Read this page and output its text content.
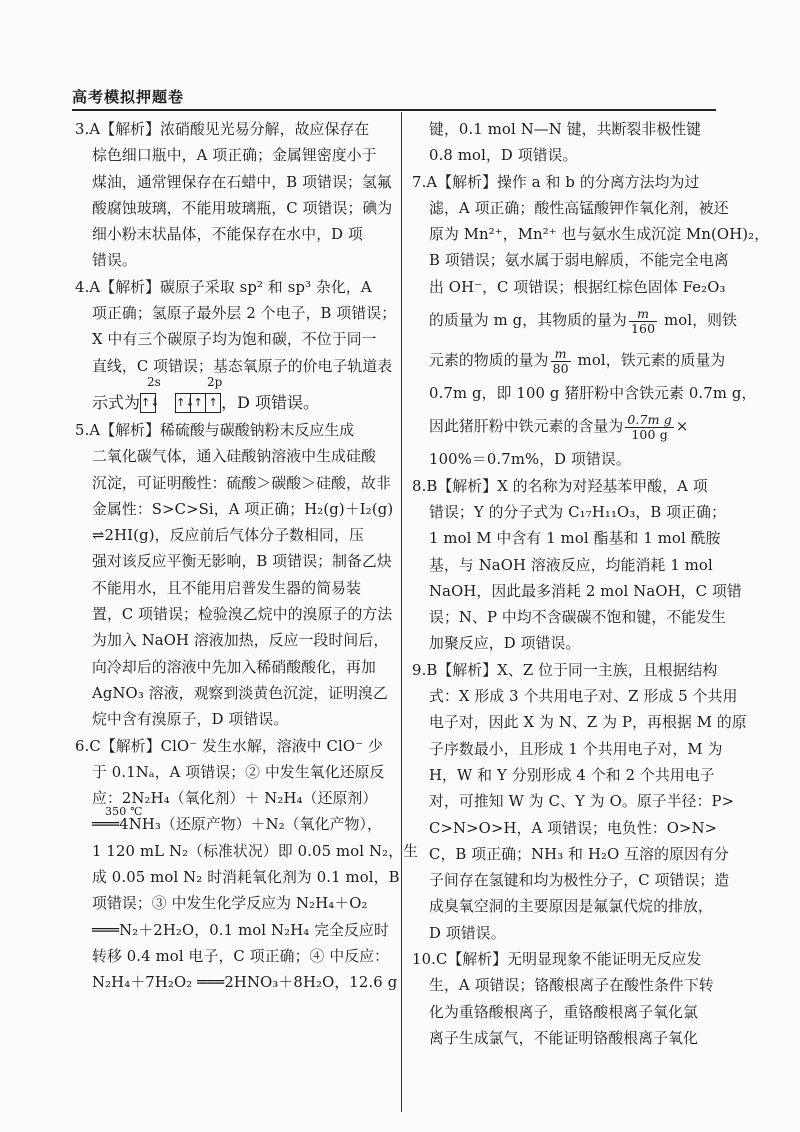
高考模拟押题卷
3.A【解析】浓硝酸见光易分解，故应保存在
棕色细口瓶中，A 项正确；金属锂密度小于
煤油，通常锂保存在石蜡中，B 项错误；氢氟
酸腐蚀玻璃，不能用玻璃瓶，C 项错误；碘为
细小粉末状晶体，不能保存在水中，D 项
错误。
4.A【解析】碳原子采取 sp² 和 sp³ 杂化，A
项正确；氢原子最外层 2 个电子，B 项错误；
X 中有三个碳原子均为饱和碳，不位于同一
直线，C 项错误；基态氧原子的价电子轨道表
2s	2p
示式为↑↓ ↑↓↑ ↑ ，D 项错误。
5.A【解析】稀硫酸与碳酸钠粉末反应生成
二氧化碳气体，通入硅酸钠溶液中生成硅酸
沉淀，可证明酸性：硫酸＞碳酸＞硅酸，故非
金属性：S>C>Si，A 项正确；H₂(g)＋I₂(g)
⇌2HI(g)，反应前后气体分子数相同，压
强对该反应平衡无影响，B 项错误；制备乙炔
不能用水，且不能用启普发生器的简易装
置，C 项错误；检验溴乙烷中的溴原子的方法
为加入 NaOH 溶液加热，反应一段时间后，
向冷却后的溶液中先加入稀硝酸酸化，再加
AgNO₃ 溶液，观察到淡黄色沉淀，证明溴乙
烷中含有溴原子，D 项错误。
6.C【解析】ClO⁻ 发生水解，溶液中 ClO⁻ 少
于 0.1Nₐ，A 项错误；② 中发生氧化还原反
应：2N₂H₄（氧化剂）＋ N₂H₄（还原剂）
350 ℃
═══4NH₃（还原产物）＋N₂（氧化产物），
1 120 mL N₂（标准状况）即 0.05 mol N₂，生
成 0.05 mol N₂ 时消耗氧化剂为 0.1 mol，B
项错误；③ 中发生化学反应为 N₂H₄＋O₂
═══N₂＋2H₂O，0.1 mol N₂H₄ 完全反应时
转移 0.4 mol 电子，C 项正确；④ 中反应：
N₂H₄＋7H₂O₂ ═══2HNO₃＋8H₂O，12.6 g
键，0.1 mol N—N 键，共断裂非极性键
0.8 mol，D 项错误。
7.A【解析】操作 a 和 b 的分离方法均为过
滤，A 项正确；酸性高锰酸钾作氧化剂，被还
原为 Mn²⁺，Mn²⁺ 也与氨水生成沉淀 Mn(OH)₂，
B 项错误；氨水属于弱电解质，不能完全电离
出 OH⁻，C 项错误；根据红棕色固体 Fe₂O₃
的质量为 m g，其物质的量为 $\frac{m}{160}$ mol，则铁
元素的物质的量为 $\frac{m}{80}$ mol，铁元素的质量为
0.7m g，即 100 g 猪肝粉中含铁元素 0.7m g，
因此猪肝粉中铁元素的含量为 $\frac{\text{0.7m g}}{100 g}$ ×
100%＝0.7m%，D 项错误。
8.B【解析】X 的名称为对羟基苯甲酸，A 项
错误；Y 的分子式为 C₁₇H₁₁O₃，B 项正确；
1 mol M 中含有 1 mol 酯基和 1 mol 酰胺
基，与 NaOH 溶液反应，均能消耗 1 mol
NaOH，因此最多消耗 2 mol NaOH，C 项错
误；N、P 中均不含碳碳不饱和键，不能发生
加聚反应，D 项错误。
9.B【解析】X、Z 位于同一主族，且根据结构
式：X 形成 3 个共用电子对、Z 形成 5 个共用
电子对，因此 X 为 N、Z 为 P，再根据 M 的原
子序数最小，且形成 1 个共用电子对，M 为
H，W 和 Y 分别形成 4 个和 2 个共用电子
对，可推知 W 为 C、Y 为 O。原子半径：P>
C>N>O>H，A 项错误；电负性：O>N>
C，B 项正确；NH₃ 和 H₂O 互溶的原因有分
子间存在氢键和均为极性分子，C 项错误；造
成臭氧空洞的主要原因是氟氯代烷的排放，
D 项错误。
10.C【解析】无明显现象不能证明无反应发
生，A 项错误；铬酸根离子在酸性条件下转
化为重铬酸根离子，重铬酸根离子氧化氯
离子生成氯气，不能证明铬酸根离子氧化
